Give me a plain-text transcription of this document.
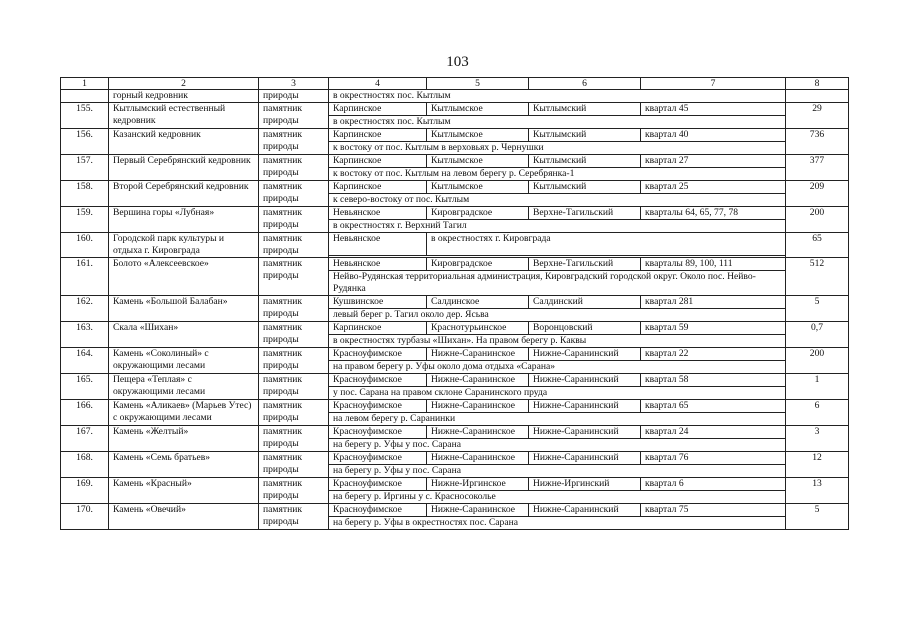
103
1	2	3	4	5	6	7	8
	горный кедровник	природы	в окрестностях пос. Кытлым				
155.	Кытлымский естественный кедровник	памятник природы	Карпинское	Кытлымское	Кытлымский	квартал 45	29
			в окрестностях пос. Кытлым				
156.	Казанский кедровник	памятник природы	Карпинское	Кытлымское	Кытлымский	квартал 40	736
			к востоку от пос. Кытлым в верховьях р. Чернушки				
157.	Первый Серебрянский кедровник	памятник природы	Карпинское	Кытлымское	Кытлымский	квартал 27	377
			к востоку от пос. Кытлым на левом берегу р. Серебрянка-1				
158.	Второй Серебрянский кедровник	памятник природы	Карпинское	Кытлымское	Кытлымский	квартал 25	209
			к северо-востоку от пос. Кытлым				
159.	Вершина горы «Лубная»	памятник природы	Невьянское	Кировградское	Верхне-Тагильский	кварталы 64, 65, 77, 78	200
			в окрестностях г. Верхний Тагил				
160.	Городской парк культуры и отдыха г. Кировграда	памятник природы	Невьянское	в окрестностях г. Кировграда			65

161.	Болото «Алексеевское»	памятник природы	Невьянское	Кировградское	Верхне-Тагильский	кварталы 89, 100, 111	512
			Нейво-Рудянская территориальная администрация, Кировградский городской округ. Около пос. Нейво-Рудянка				
162.	Камень «Большой Балабан»	памятник природы	Кушвинское	Салдинское	Салдинский	квартал 281	5
			левый берег р. Тагил около дер. Ясьва				
163.	Скала «Шихан»	памятник природы	Карпинское	Краснотурьинское	Воронцовский	квартал 59	0,7
			в окрестностях турбазы «Шихан». На правом берегу р. Каквы				
164.	Камень «Соколиный» с окружающими лесами	памятник природы	Красноуфимское	Нижне-Саранинское	Нижне-Саранинский	квартал 22	200
			на правом берегу р. Уфы около дома отдыха «Сарана»				
165.	Пещера «Теплая» с окружающими лесами	памятник природы	Красноуфимское	Нижне-Саранинское	Нижне-Саранинский	квартал 58	1
			у пос. Сарана на правом склоне Саранинского пруда				
166.	Камень «Аликаев» (Марьев Утес) с окружающими лесами	памятник природы	Красноуфимское	Нижне-Саранинское	Нижне-Саранинский	квартал 65	6
			на левом берегу р. Саранинки				
167.	Камень «Желтый»	памятник природы	Красноуфимское	Нижне-Саранинское	Нижне-Саранинский	квартал 24	3
			на берегу р. Уфы у пос. Сарана				
168.	Камень «Семь братьев»	памятник природы	Красноуфимское	Нижне-Саранинское	Нижне-Саранинский	квартал 76	12
			на берегу р. Уфы у пос. Сарана				
169.	Камень «Красный»	памятник природы	Красноуфимское	Нижне-Иргинское	Нижне-Иргинский	квартал 6	13
			на берегу р. Иргины у с. Красносоколье				
170.	Камень «Овечий»	памятник природы	Красноуфимское	Нижне-Саранинское	Нижне-Саранинский	квартал 75	5
			на берегу р. Уфы в окрестностях пос. Сарана				
